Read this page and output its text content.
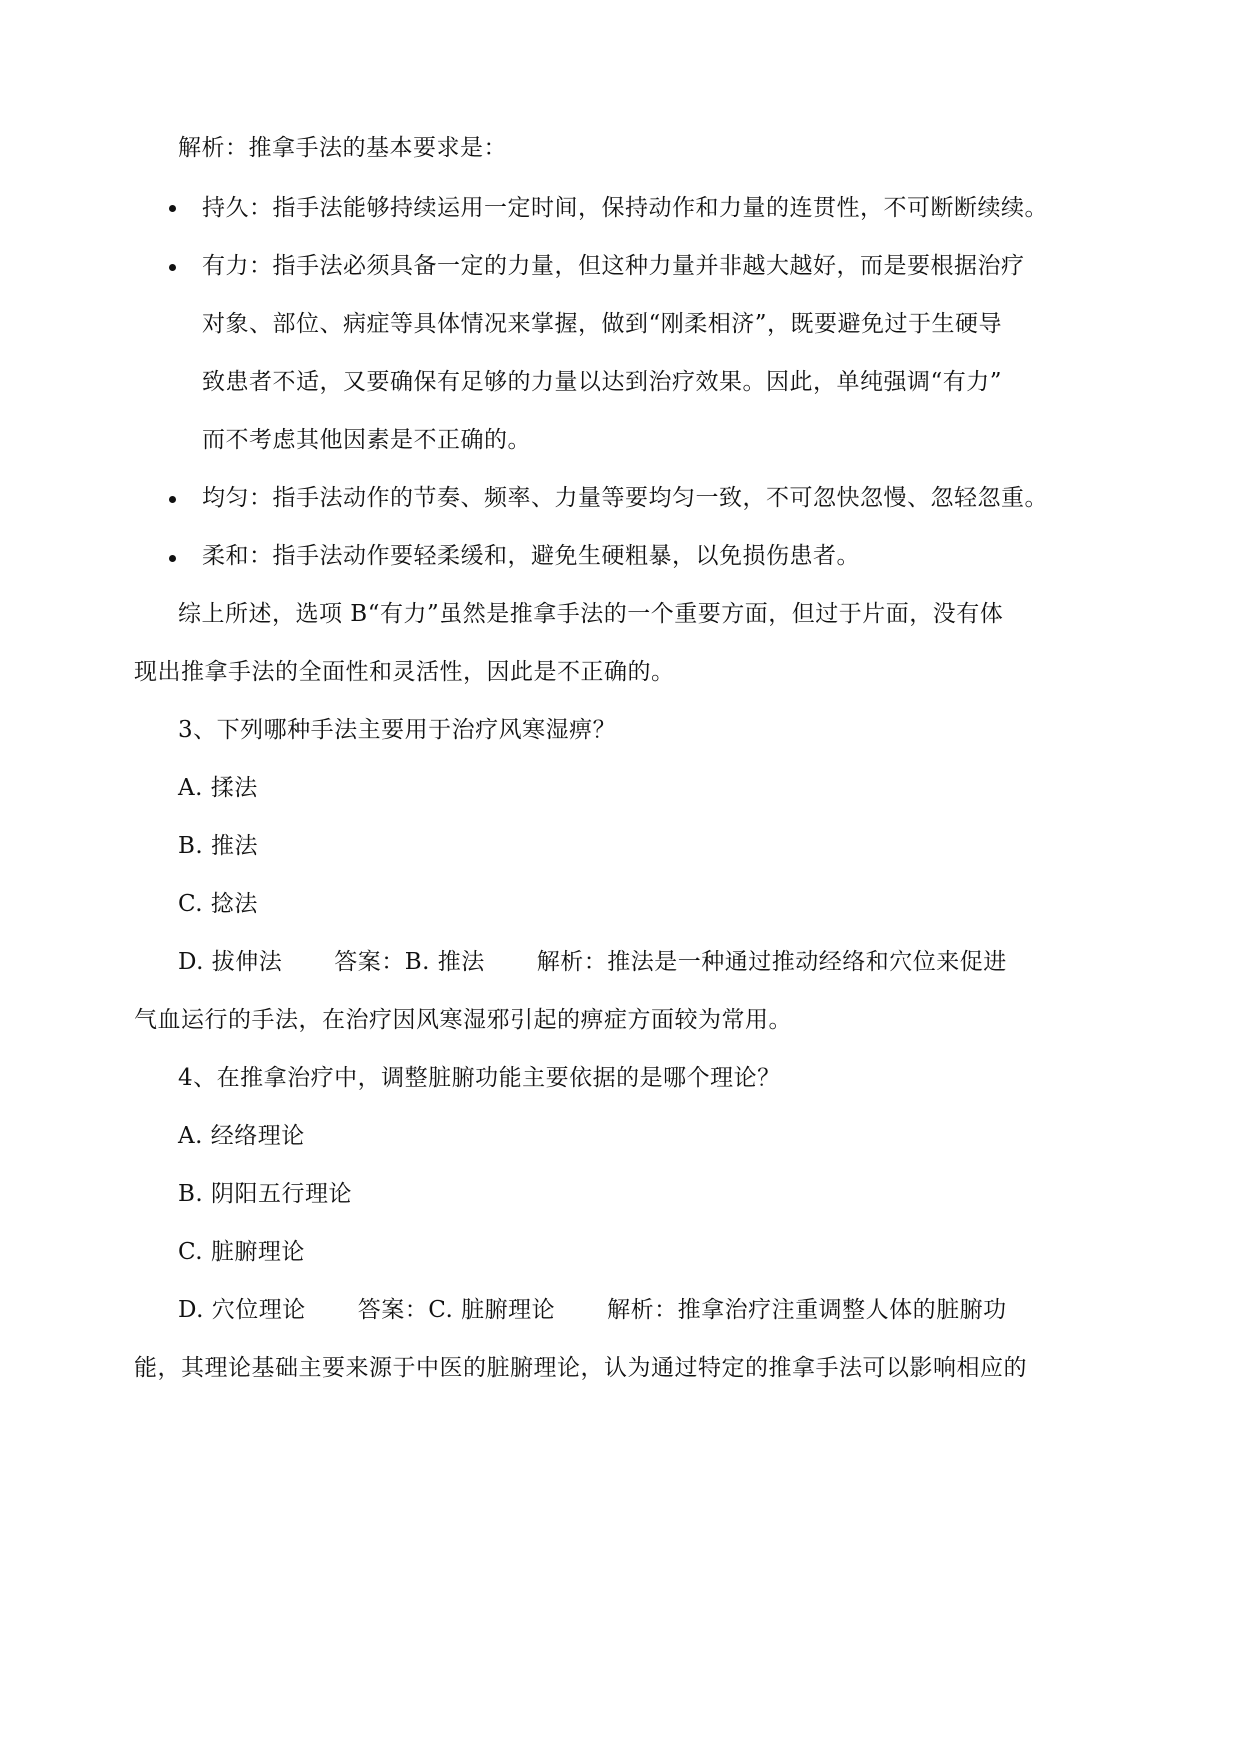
解析：推拿手法的基本要求是：
持久：指手法能够持续运用一定时间，保持动作和力量的连贯性，不可断断续续。
有力：指手法必须具备一定的力量，但这种力量并非越大越好，而是要根据治疗
对象、部位、病症等具体情况来掌握，做到“刚柔相济”，既要避免过于生硬导
致患者不适，又要确保有足够的力量以达到治疗效果。因此，单纯强调“有力”
而不考虑其他因素是不正确的。
均匀：指手法动作的节奏、频率、力量等要均匀一致，不可忽快忽慢、忽轻忽重。
柔和：指手法动作要轻柔缓和，避免生硬粗暴，以免损伤患者。
综上所述，选项 B“有力”虽然是推拿手法的一个重要方面，但过于片面，没有体
现出推拿手法的全面性和灵活性，因此是不正确的。
3、下列哪种手法主要用于治疗风寒湿痹？
A. 揉法
B. 推法
C. 捻法
D. 拔伸法 答案：B. 推法 解析：推法是一种通过推动经络和穴位来促进
气血运行的手法，在治疗因风寒湿邪引起的痹症方面较为常用。
4、在推拿治疗中，调整脏腑功能主要依据的是哪个理论？
A. 经络理论
B. 阴阳五行理论
C. 脏腑理论
D. 穴位理论 答案：C. 脏腑理论 解析：推拿治疗注重调整人体的脏腑功
能，其理论基础主要来源于中医的脏腑理论，认为通过特定的推拿手法可以影响相应的
